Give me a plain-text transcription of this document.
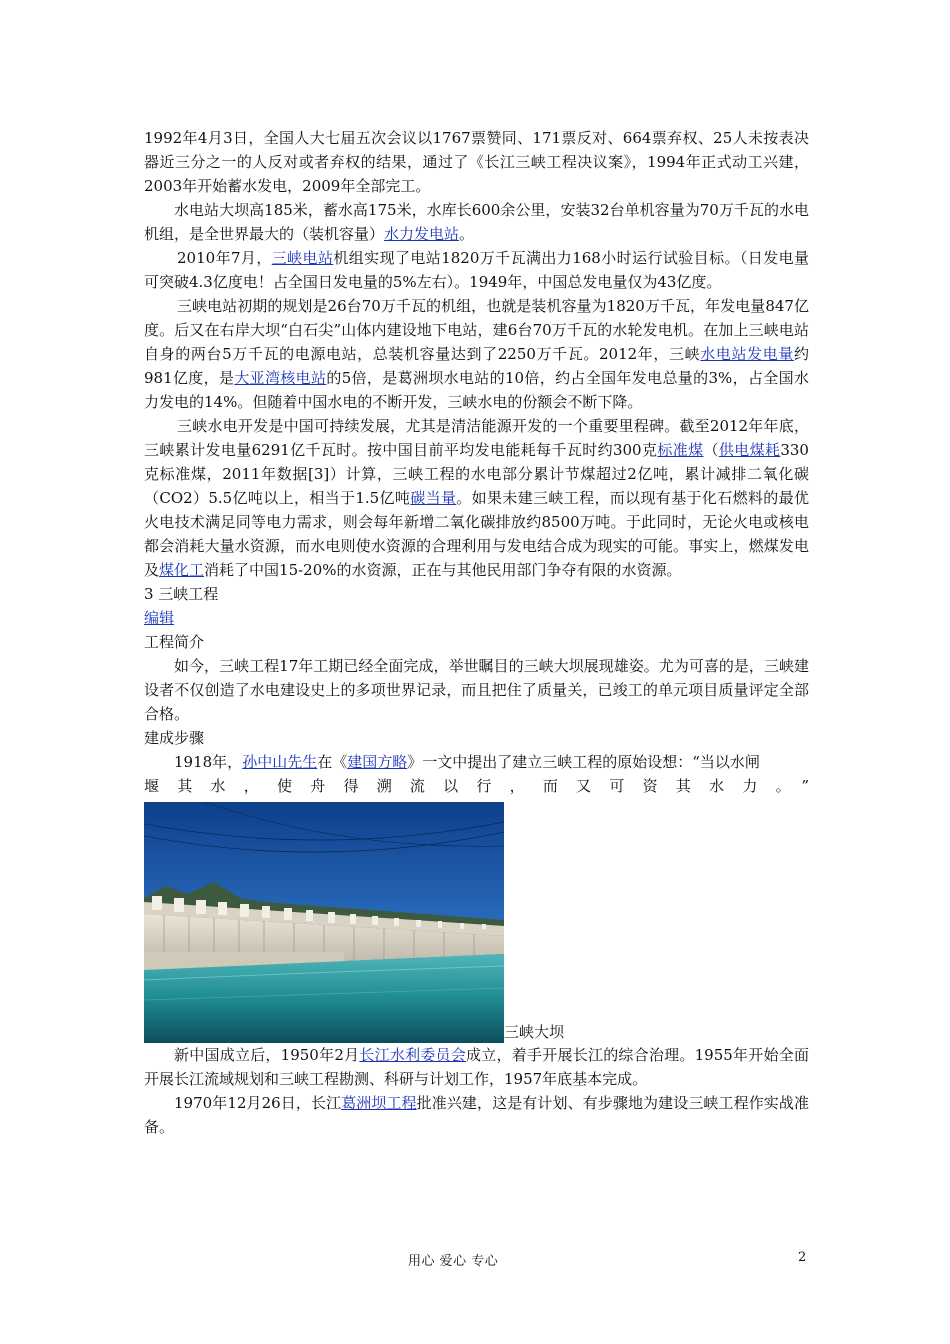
1992年4月3日，全国人大七届五次会议以1767票赞同、171票反对、664票弃权、25人未按表决器近三分之一的人反对或者弃权的结果，通过了《长江三峡工程决议案》，1994年正式动工兴建，2003年开始蓄水发电，2009年全部完工。

水电站大坝高185米，蓄水高175米，水库长600余公里，安装32台单机容量为70万千瓦的水电机组，是全世界最大的（装机容量）水力发电站。

2010年7月，三峡电站机组实现了电站1820万千瓦满出力168小时运行试验目标。（日发电量可突破4.3亿度电！占全国日发电量的5%左右）。1949年，中国总发电量仅为43亿度。

三峡电站初期的规划是26台70万千瓦的机组，也就是装机容量为1820万千瓦，年发电量847亿度。后又在右岸大坝“白石尖”山体内建设地下电站，建6台70万千瓦的水轮发电机。在加上三峡电站自身的两台5万千瓦的电源电站，总装机容量达到了2250万千瓦。2012年，三峡水电站发电量约981亿度，是大亚湾核电站的5倍，是葛洲坝水电站的10倍，约占全国年发电总量的3%，占全国水力发电的14%。但随着中国水电的不断开发，三峡水电的份额会不断下降。

三峡水电开发是中国可持续发展，尤其是清洁能源开发的一个重要里程碑。截至2012年年底，三峡累计发电量6291亿千瓦时。按中国目前平均发电能耗每千瓦时约300克标准煤（供电煤耗330克标准煤，2011年数据[3]）计算，三峡工程的水电部分累计节煤超过2亿吨，累计减排二氧化碳（CO2）5.5亿吨以上，相当于1.5亿吨碳当量。如果未建三峡工程，而以现有基于化石燃料的最优火电技术满足同等电力需求，则会每年新增二氧化碳排放约8500万吨。于此同时，无论火电或核电都会消耗大量水资源，而水电则使水资源的合理利用与发电结合成为现实的可能。事实上，燃煤发电及煤化工消耗了中国15-20%的水资源，正在与其他民用部门争夺有限的水资源。

3 三峡工程

编辑

工程简介

如今，三峡工程17年工期已经全面完成，举世瞩目的三峡大坝展现雄姿。尤为可喜的是，三峡建设者不仅创造了水电建设史上的多项世界记录，而且把住了质量关，已竣工的单元项目质量评定全部合格。

建成步骤

1918年，孙中山先生在《建国方略》一文中提出了建立三峡工程的原始设想：“当以水闸

堰其水，使舟得溯流以行，而又可资其水力。”

三峡大坝

新中国成立后，1950年2月长江水利委员会成立，着手开展长江的综合治理。1955年开始全面开展长江流域规划和三峡工程勘测、科研与计划工作，1957年底基本完成。

1970年12月26日，长江葛洲坝工程批准兴建，这是有计划、有步骤地为建设三峡工程作实战准备。

用心 爱心 专心	2
